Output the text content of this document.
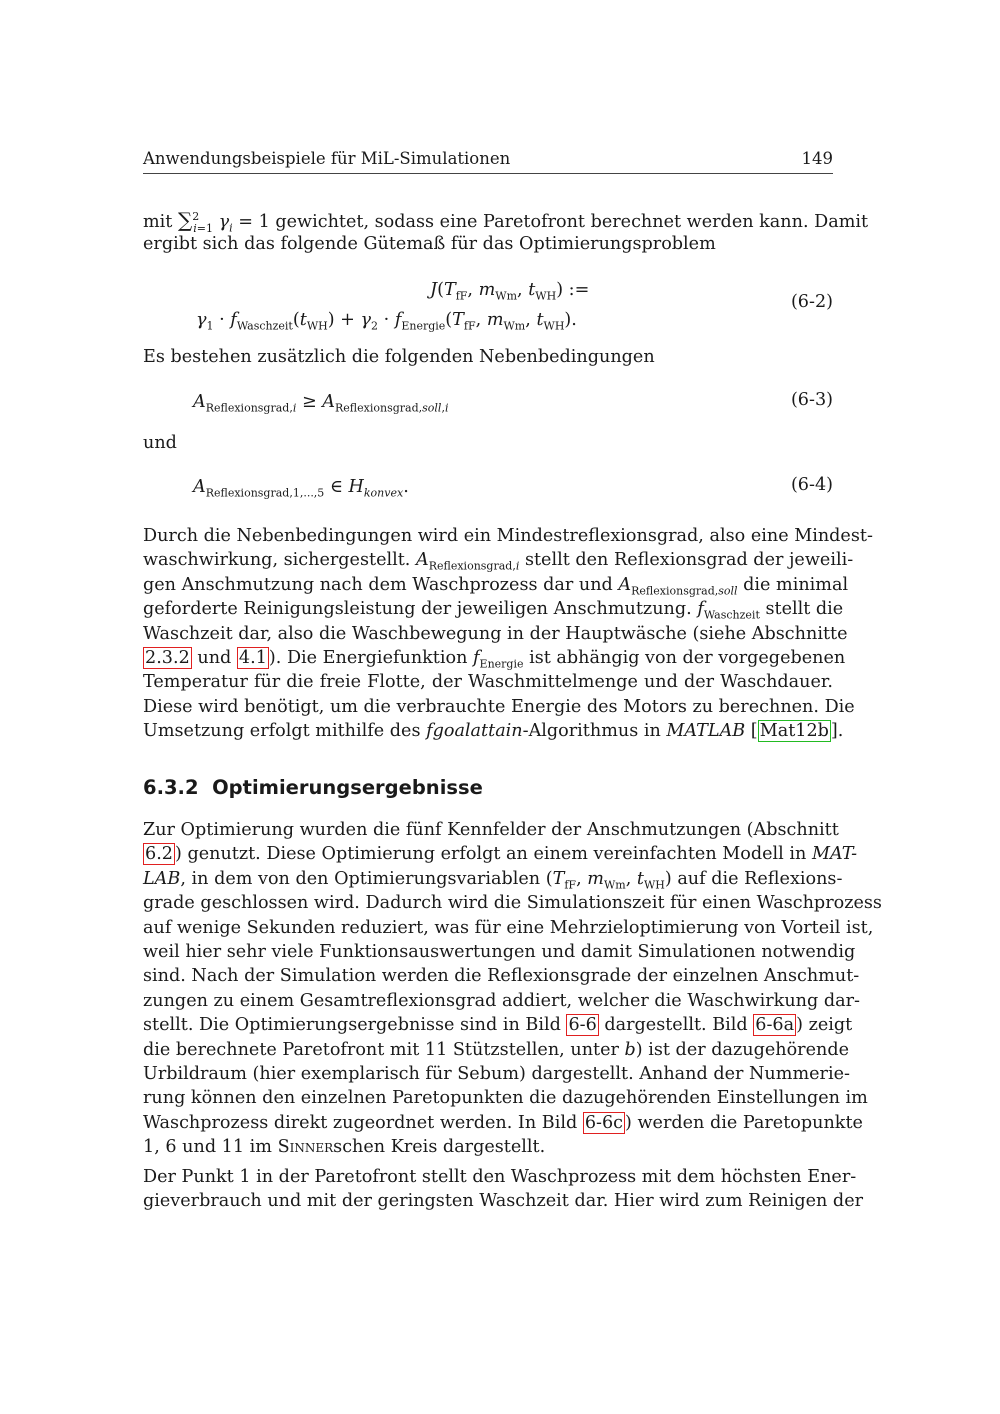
Anwendungsbeispiele für MiL-Simulationen	149
mit ∑$^2_{i=1}$ $\gamma_i = 1$ gewichtet, sodass eine Paretofront berechnet werden kann. Damit
ergibt sich das folgende Gütemaß für das Optimierungsproblem
$J(T_{fF}$, $m_{Wm}$, $t_{WH}$) :=
$\gamma_1 \cdot f_{Waschzeit}(t_{WH}) + \gamma_2 \cdot f_{Energie}(T_{fF}$, $m_{Wm}$, $t_{WH}$).
(6-2)
Es bestehen zusätzlich die folgenden Nebenbedingungen
$A_{Reflexionsgrad,i} \ge A_{Reflexionsgrad,soll,i}$	(6-3)
und
$A_{Reflexionsgrad,1,...,5}$ ∈ $H_{konvex}$.	(6-4)
Durch die Nebenbedingungen wird ein Mindestreflexionsgrad, also eine Mindest-
waschwirkung, sichergestellt. $A_{Reflexionsgrad,i}$ stellt den Reflexionsgrad der jeweili-
gen Anschmutzung nach dem Waschprozess dar und $A_{Reflexionsgrad,soll}$ die minimal
geforderte Reinigungsleistung der jeweiligen Anschmutzung. $f_{Waschzeit}$ stellt die
Waschzeit dar, also die Waschbewegung in der Hauptwäsche (siehe Abschnitte
2.3.2 und 4.1 ). Die Energiefunktion $f_{Energie}$ ist abhängig von der vorgegebenen
Temperatur für die freie Flotte, der Waschmittelmenge und der Waschdauer.
Diese wird benötigt, um die verbrauchte Energie des Motors zu berechnen. Die
Umsetzung erfolgt mithilfe des fgoalattain-Algorithmus in MATLAB [ Mat12b ].
6.3.2 Optimierungsergebnisse
Zur Optimierung wurden die fünf Kennfelder der Anschmutzungen (Abschnitt
6.2 ) genutzt. Diese Optimierung erfolgt an einem vereinfachten Modell in MAT-
LAB, in dem von den Optimierungsvariablen ($T_{fF}$, $m_{Wm}$, $t_{WH}$) auf die Reflexions-
grade geschlossen wird. Dadurch wird die Simulationszeit für einen Waschprozess
auf wenige Sekunden reduziert, was für eine Mehrzieloptimierung von Vorteil ist,
weil hier sehr viele Funktionsauswertungen und damit Simulationen notwendig
sind. Nach der Simulation werden die Reflexionsgrade der einzelnen Anschmut-
zungen zu einem Gesamtreflexionsgrad addiert, welcher die Waschwirkung dar-
stellt. Die Optimierungsergebnisse sind in Bild 6-6 dargestellt. Bild 6-6a ) zeigt
die berechnete Paretofront mit 11 Stützstellen, unter b) ist der dazugehörende
Urbildraum (hier exemplarisch für Sebum) dargestellt. Anhand der Nummerie-
rung können den einzelnen Paretopunkten die dazugehörenden Einstellungen im
Waschprozess direkt zugeordnet werden. In Bild 6-6c ) werden die Paretopunkte
1, 6 und 11 im Sinnerschen Kreis dargestellt.
Der Punkt 1 in der Paretofront stellt den Waschprozess mit dem höchsten Ener-
gieverbrauch und mit der geringsten Waschzeit dar. Hier wird zum Reinigen der
